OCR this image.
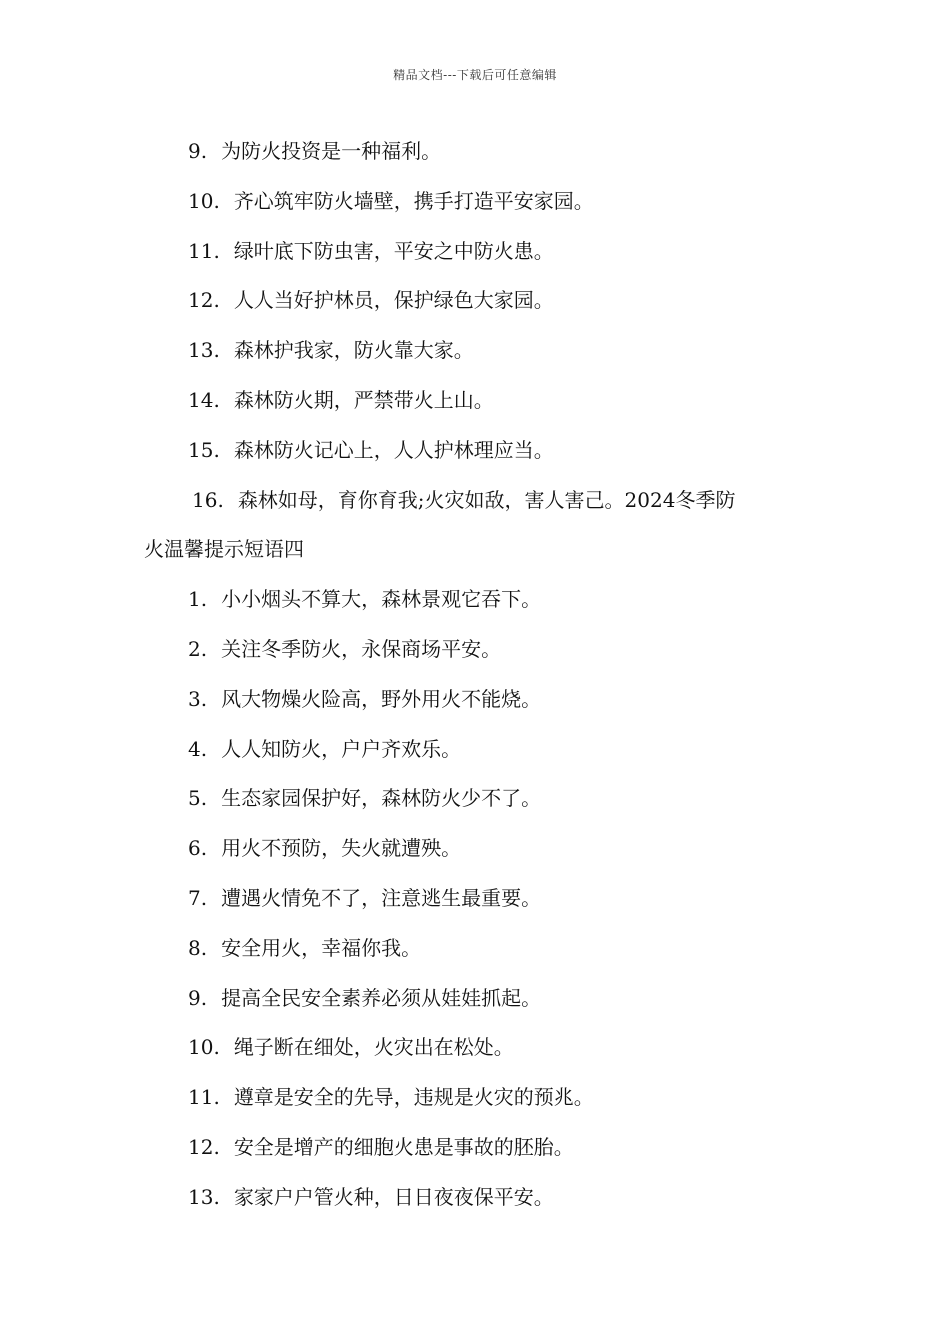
精品文档---下载后可任意编辑
9. 为防火投资是一种福利。
10. 齐心筑牢防火墙壁，携手打造平安家园。
11. 绿叶底下防虫害，平安之中防火患。
12. 人人当好护林员，保护绿色大家园。
13. 森林护我家，防火靠大家。
14. 森林防火期，严禁带火上山。
15. 森林防火记心上，人人护林理应当。
16. 森林如母，育你育我;火灾如敌，害人害己。2024冬季防
火温馨提示短语四
1. 小小烟头不算大，森林景观它吞下。
2. 关注冬季防火，永保商场平安。
3. 风大物燥火险高，野外用火不能烧。
4. 人人知防火，户户齐欢乐。
5. 生态家园保护好，森林防火少不了。
6. 用火不预防，失火就遭殃。
7. 遭遇火情免不了，注意逃生最重要。
8. 安全用火，幸福你我。
9. 提高全民安全素养必须从娃娃抓起。
10. 绳子断在细处，火灾出在松处。
11. 遵章是安全的先导，违规是火灾的预兆。
12. 安全是增产的细胞火患是事故的胚胎。
13. 家家户户管火种，日日夜夜保平安。
